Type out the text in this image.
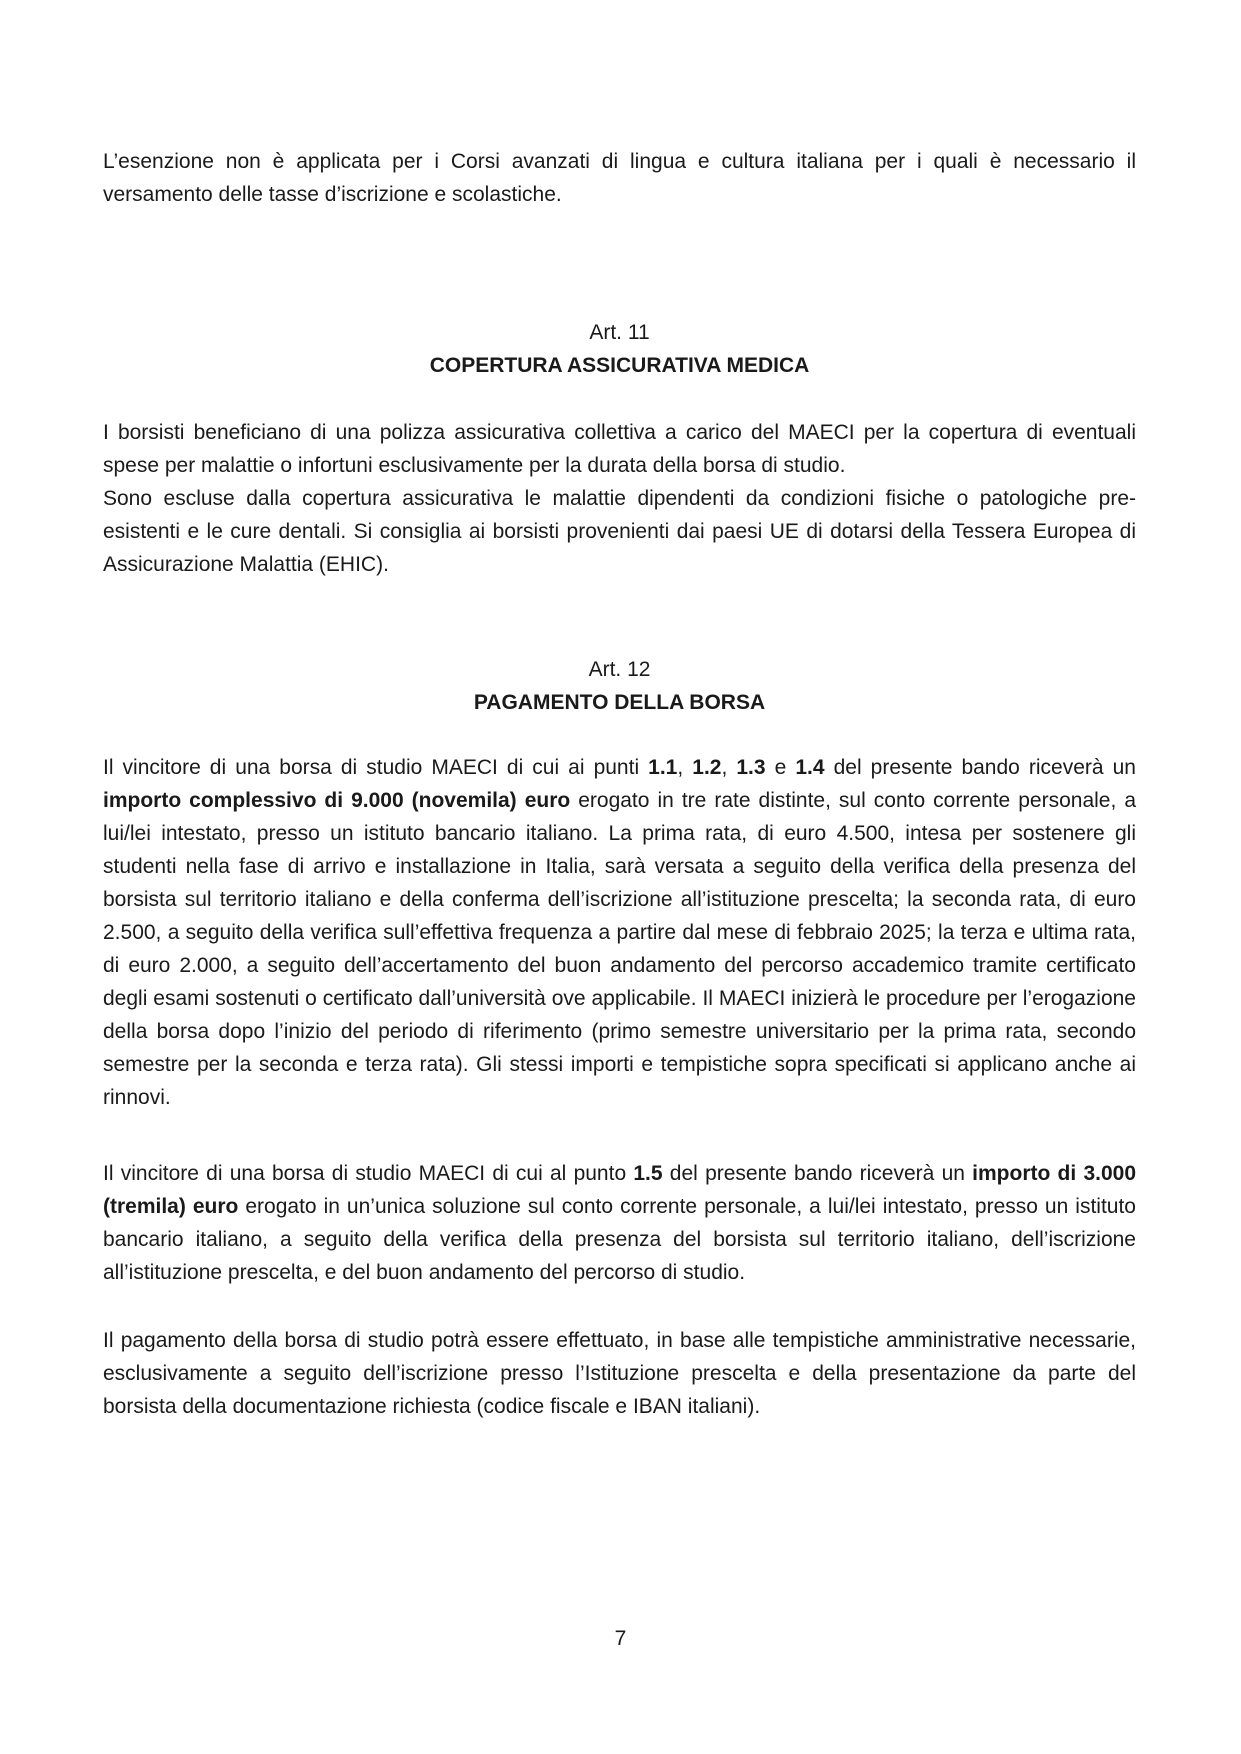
L’esenzione non è applicata per i Corsi avanzati di lingua e cultura italiana per i quali è necessario il versamento delle tasse d’iscrizione e scolastiche.

Art. 11
COPERTURA ASSICURATIVA MEDICA

I borsisti beneficiano di una polizza assicurativa collettiva a carico del MAECI per la copertura di eventuali spese per malattie o infortuni esclusivamente per la durata della borsa di studio.

Sono escluse dalla copertura assicurativa le malattie dipendenti da condizioni fisiche o patologiche pre-esistenti e le cure dentali. Si consiglia ai borsisti provenienti dai paesi UE di dotarsi della Tessera Europea di Assicurazione Malattia (EHIC).

Art. 12
PAGAMENTO DELLA BORSA

Il vincitore di una borsa di studio MAECI di cui ai punti 1.1, 1.2, 1.3 e 1.4 del presente bando riceverà un importo complessivo di 9.000 (novemila) euro erogato in tre rate distinte, sul conto corrente personale, a lui/lei intestato, presso un istituto bancario italiano. La prima rata, di euro 4.500, intesa per sostenere gli studenti nella fase di arrivo e installazione in Italia, sarà versata a seguito della verifica della presenza del borsista sul territorio italiano e della conferma dell’iscrizione all’istituzione prescelta; la seconda rata, di euro 2.500, a seguito della verifica sull’effettiva frequenza a partire dal mese di febbraio 2025; la terza e ultima rata, di euro 2.000, a seguito dell’accertamento del buon andamento del percorso accademico tramite certificato degli esami sostenuti o certificato dall’università ove applicabile. Il MAECI inizierà le procedure per l’erogazione della borsa dopo l’inizio del periodo di riferimento (primo semestre universitario per la prima rata, secondo semestre per la seconda e terza rata). Gli stessi importi e tempistiche sopra specificati si applicano anche ai rinnovi.

Il vincitore di una borsa di studio MAECI di cui al punto 1.5 del presente bando riceverà un importo di 3.000 (tremila) euro erogato in un’unica soluzione sul conto corrente personale, a lui/lei intestato, presso un istituto bancario italiano, a seguito della verifica della presenza del borsista sul territorio italiano, dell’iscrizione all’istituzione prescelta, e del buon andamento del percorso di studio.

Il pagamento della borsa di studio potrà essere effettuato, in base alle tempistiche amministrative necessarie, esclusivamente a seguito dell’iscrizione presso l’Istituzione prescelta e della presentazione da parte del borsista della documentazione richiesta (codice fiscale e IBAN italiani).

7
